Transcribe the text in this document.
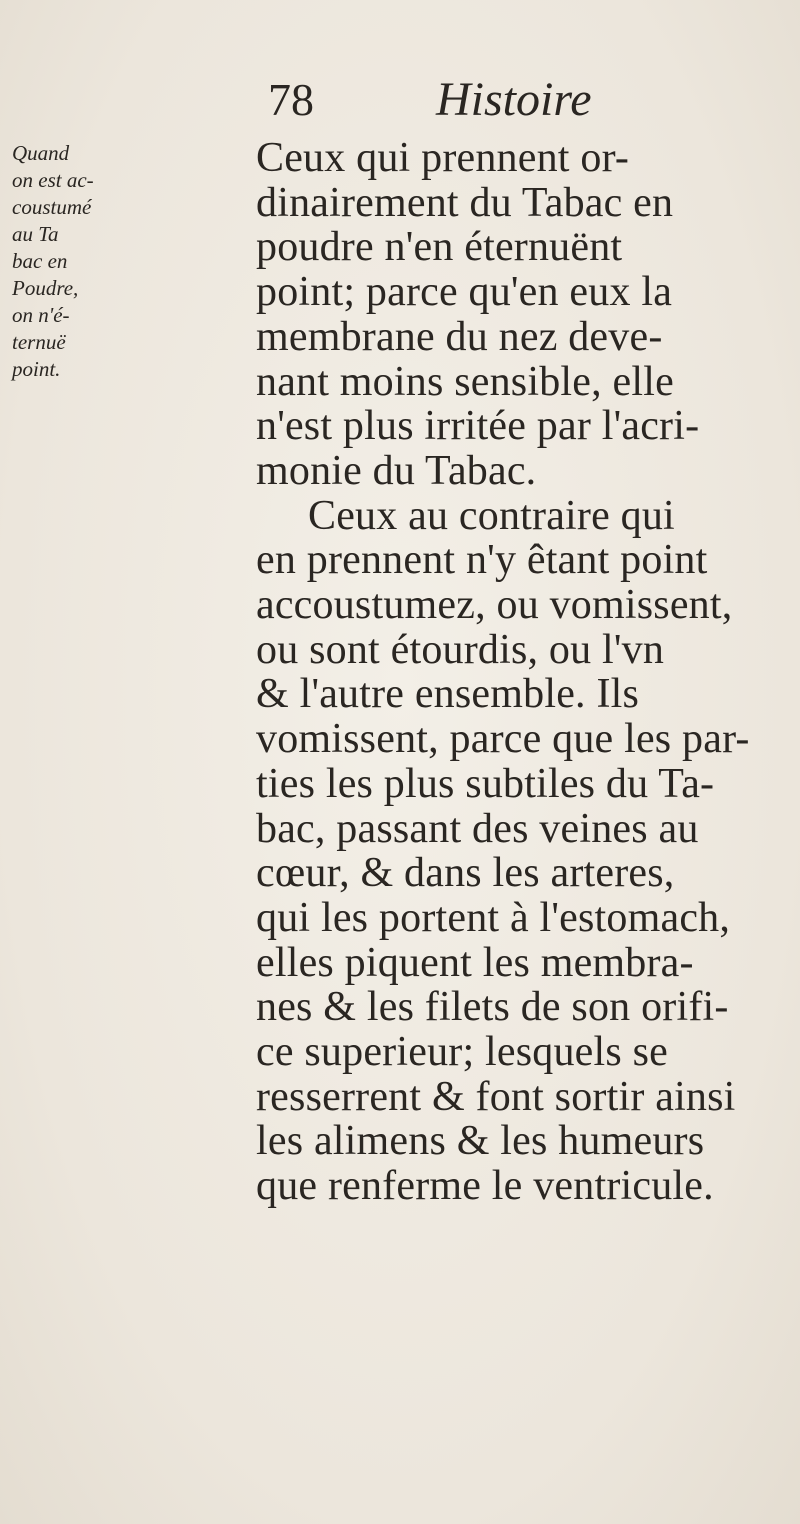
78	Histoire
Quand
on est ac-
coustumé
au Ta
bac en
Poudre,
on n'é-
ternuë
point.
Ceux qui prennent or-
dinairement du Tabac en
poudre n'en éternuënt
point; parce qu'en eux la
membrane du nez deve-
nant moins sensible, elle
n'est plus irritée par l'acri-
monie du Tabac.
Ceux au contraire qui
en prennent n'y êtant point
accoustumez, ou vomissent,
ou sont étourdis, ou l'vn
& l'autre ensemble. Ils
vomissent, parce que les par-
ties les plus subtiles du Ta-
bac, passant des veines au
cœur, & dans les arteres,
qui les portent à l'estomach,
elles piquent les membra-
nes & les filets de son orifi-
ce superieur; lesquels se
resserrent & font sortir ainsi
les alimens & les humeurs
que renferme le ventricule.
